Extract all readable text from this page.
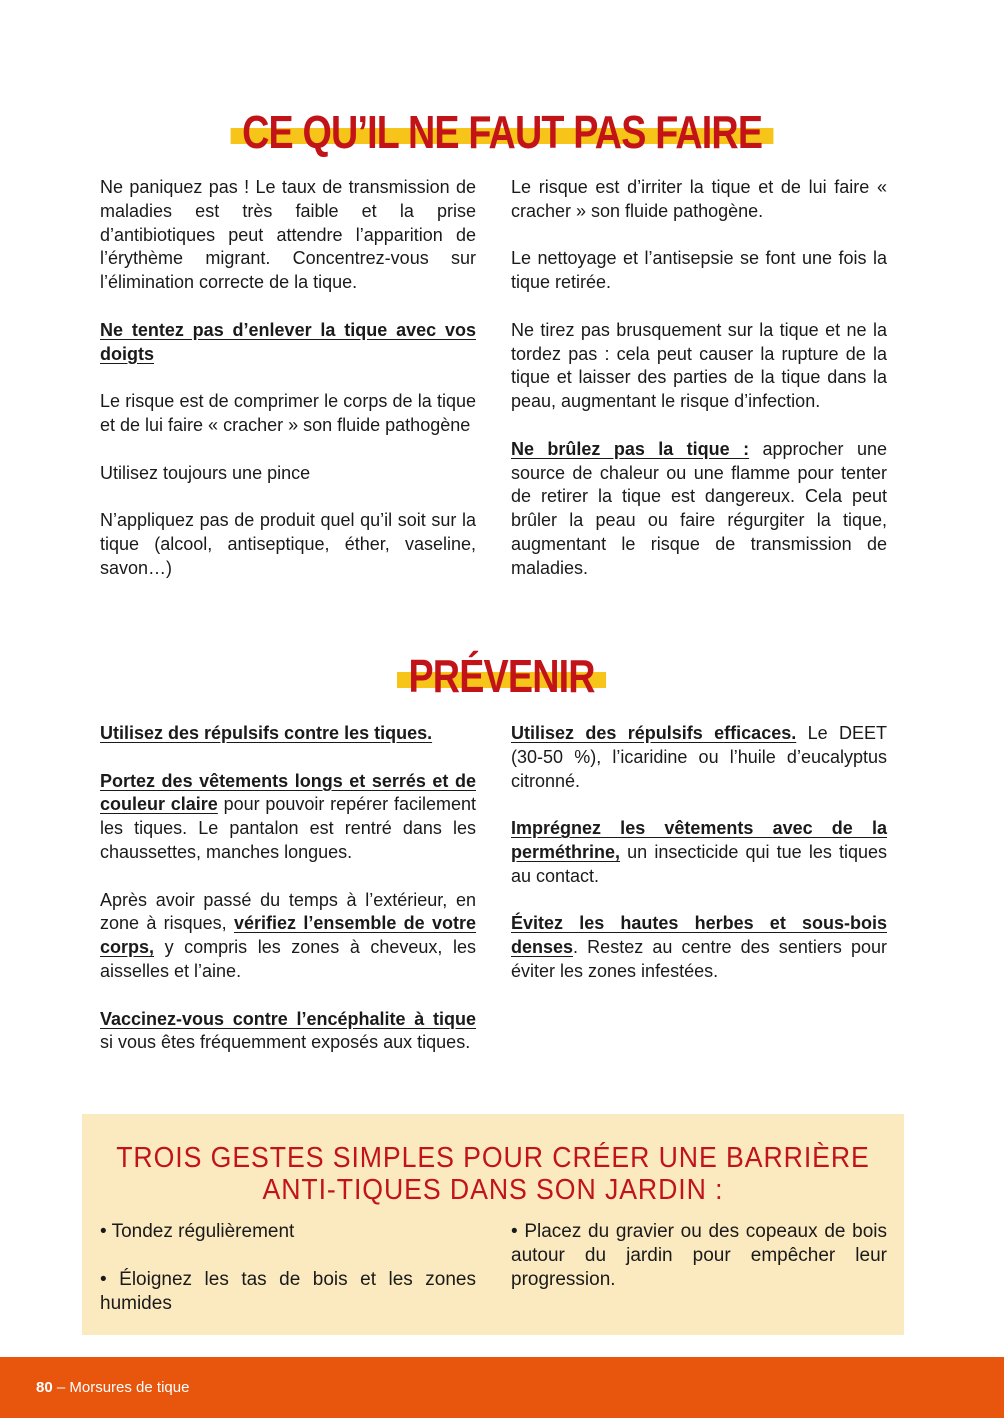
CE QU’IL NE FAUT PAS FAIRE

Ne paniquez pas ! Le taux de transmission de maladies est très faible et la prise d’antibiotiques peut attendre l’apparition de l’érythème migrant. Concentrez-vous sur l’élimination correcte de la tique.

Ne tentez pas d’enlever la tique avec vos doigts

Le risque est de comprimer le corps de la tique et de lui faire « cracher » son fluide pathogène

Utilisez toujours une pince

N’appliquez pas de produit quel qu’il soit sur la tique (alcool, antiseptique, éther, vaseline, savon…)

Le risque est d’irriter la tique et de lui faire « cracher » son fluide pathogène.

Le nettoyage et l’antisepsie se font une fois la tique retirée.

Ne tirez pas brusquement sur la tique et ne la tordez pas : cela peut causer la rupture de la tique et laisser des parties de la tique dans la peau, augmentant le risque d’infection.

Ne brûlez pas la tique : approcher une source de chaleur ou une flamme pour tenter de retirer la tique est dangereux. Cela peut brûler la peau ou faire régurgiter la tique, augmentant le risque de transmission de maladies.

PRÉVENIR

Utilisez des répulsifs contre les tiques.

Portez des vêtements longs et serrés et de couleur claire pour pouvoir repérer facilement les tiques. Le pantalon est rentré dans les chaussettes, manches longues.

Après avoir passé du temps à l’extérieur, en zone à risques, vérifiez l’ensemble de votre corps, y compris les zones à cheveux, les aisselles et l’aine.

Vaccinez-vous contre l’encéphalite à tique si vous êtes fréquemment exposés aux tiques.

Utilisez des répulsifs efficaces. Le DEET (30-50 %), l’icaridine ou l’huile d’eucalyptus citronné.

Imprégnez les vêtements avec de la perméthrine, un insecticide qui tue les tiques au contact.

Évitez les hautes herbes et sous-bois denses. Restez au centre des sentiers pour éviter les zones infestées.

TROIS GESTES SIMPLES POUR CRÉER UNE BARRIÈRE
ANTI-TIQUES DANS SON JARDIN :

• Tondez régulièrement

• Éloignez les tas de bois et les zones humides

• Placez du gravier ou des copeaux de bois autour du jardin pour empêcher leur progression.

80 – Morsures de tique
